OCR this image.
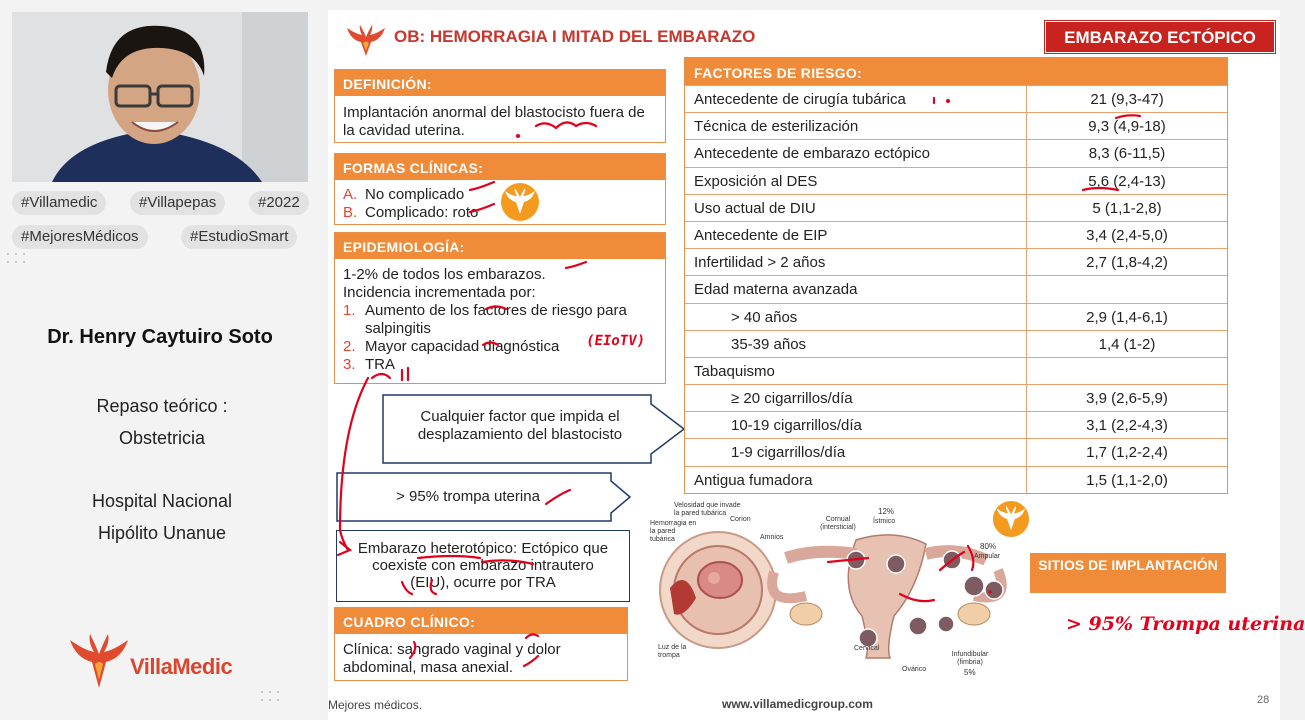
#Villamedic	#Villapepas	#2022
#MejoresMédicos	#EstudioSmart
Dr. Henry Caytuiro Soto
Repaso teórico :
Obstetricia
Hospital Nacional
Hipólito Unanue
VillaMedic
OB: HEMORRAGIA I MITAD DEL EMBARAZO	EMBARAZO ECTÓPICO
DEFINICIÓN:
Implantación anormal del blastocisto fuera de la cavidad uterina.
FORMAS CLÍNICAS:
A. No complicado
B. Complicado: roto
EPIDEMIOLOGÍA:
1-2% de todos los embarazos.
Incidencia incrementada por:
1. Aumento de los factores de riesgo para salpingitis
2. Mayor capacidad diagnóstica
3. TRA
Cualquier factor que impida el desplazamiento del blastocisto
> 95% trompa uterina
Embarazo heterotópico: Ectópico que coexiste con embarazo intrautero (EIU), ocurre por TRA
CUADRO CLÍNICO:
Clínica: sangrado vaginal y dolor abdominal, masa anexial.
FACTORES DE RIESGO:
Antecedente de cirugía tubárica	21 (9,3-47)
Técnica de esterilización	9,3 (4,9-18)
Antecedente de embarazo ectópico	8,3 (6-11,5)
Exposición al DES	5,6 (2,4-13)
Uso actual de DIU	5 (1,1-2,8)
Antecedente de EIP	3,4 (2,4-5,0)
Infertilidad > 2 años	2,7 (1,8-4,2)
Edad materna avanzada
> 40 años	2,9 (1,4-6,1)
35-39 años	1,4 (1-2)
Tabaquismo
≥ 20 cigarrillos/día	3,9 (2,6-5,9)
10-19 cigarrillos/día	3,1 (2,2-4,3)
1-9 cigarrillos/día	1,7 (1,2-2,4)
Antigua fumadora	1,5 (1,1-2,0)
Velosidad que invade la pared tubárica
Hemorragia en la pared tubárica
Corion
Amnios
Luz de la trompa
Cornual (intersticial)
12%
Ístmico
80%
Ampular
Cervical
Ovárico
Infundibular (fimbria)
5%
SITIOS DE IMPLANTACIÓN
(EIoTV)
> 95% Trompa uterina
Mejores médicos.	www.villamedicgroup.com	28
